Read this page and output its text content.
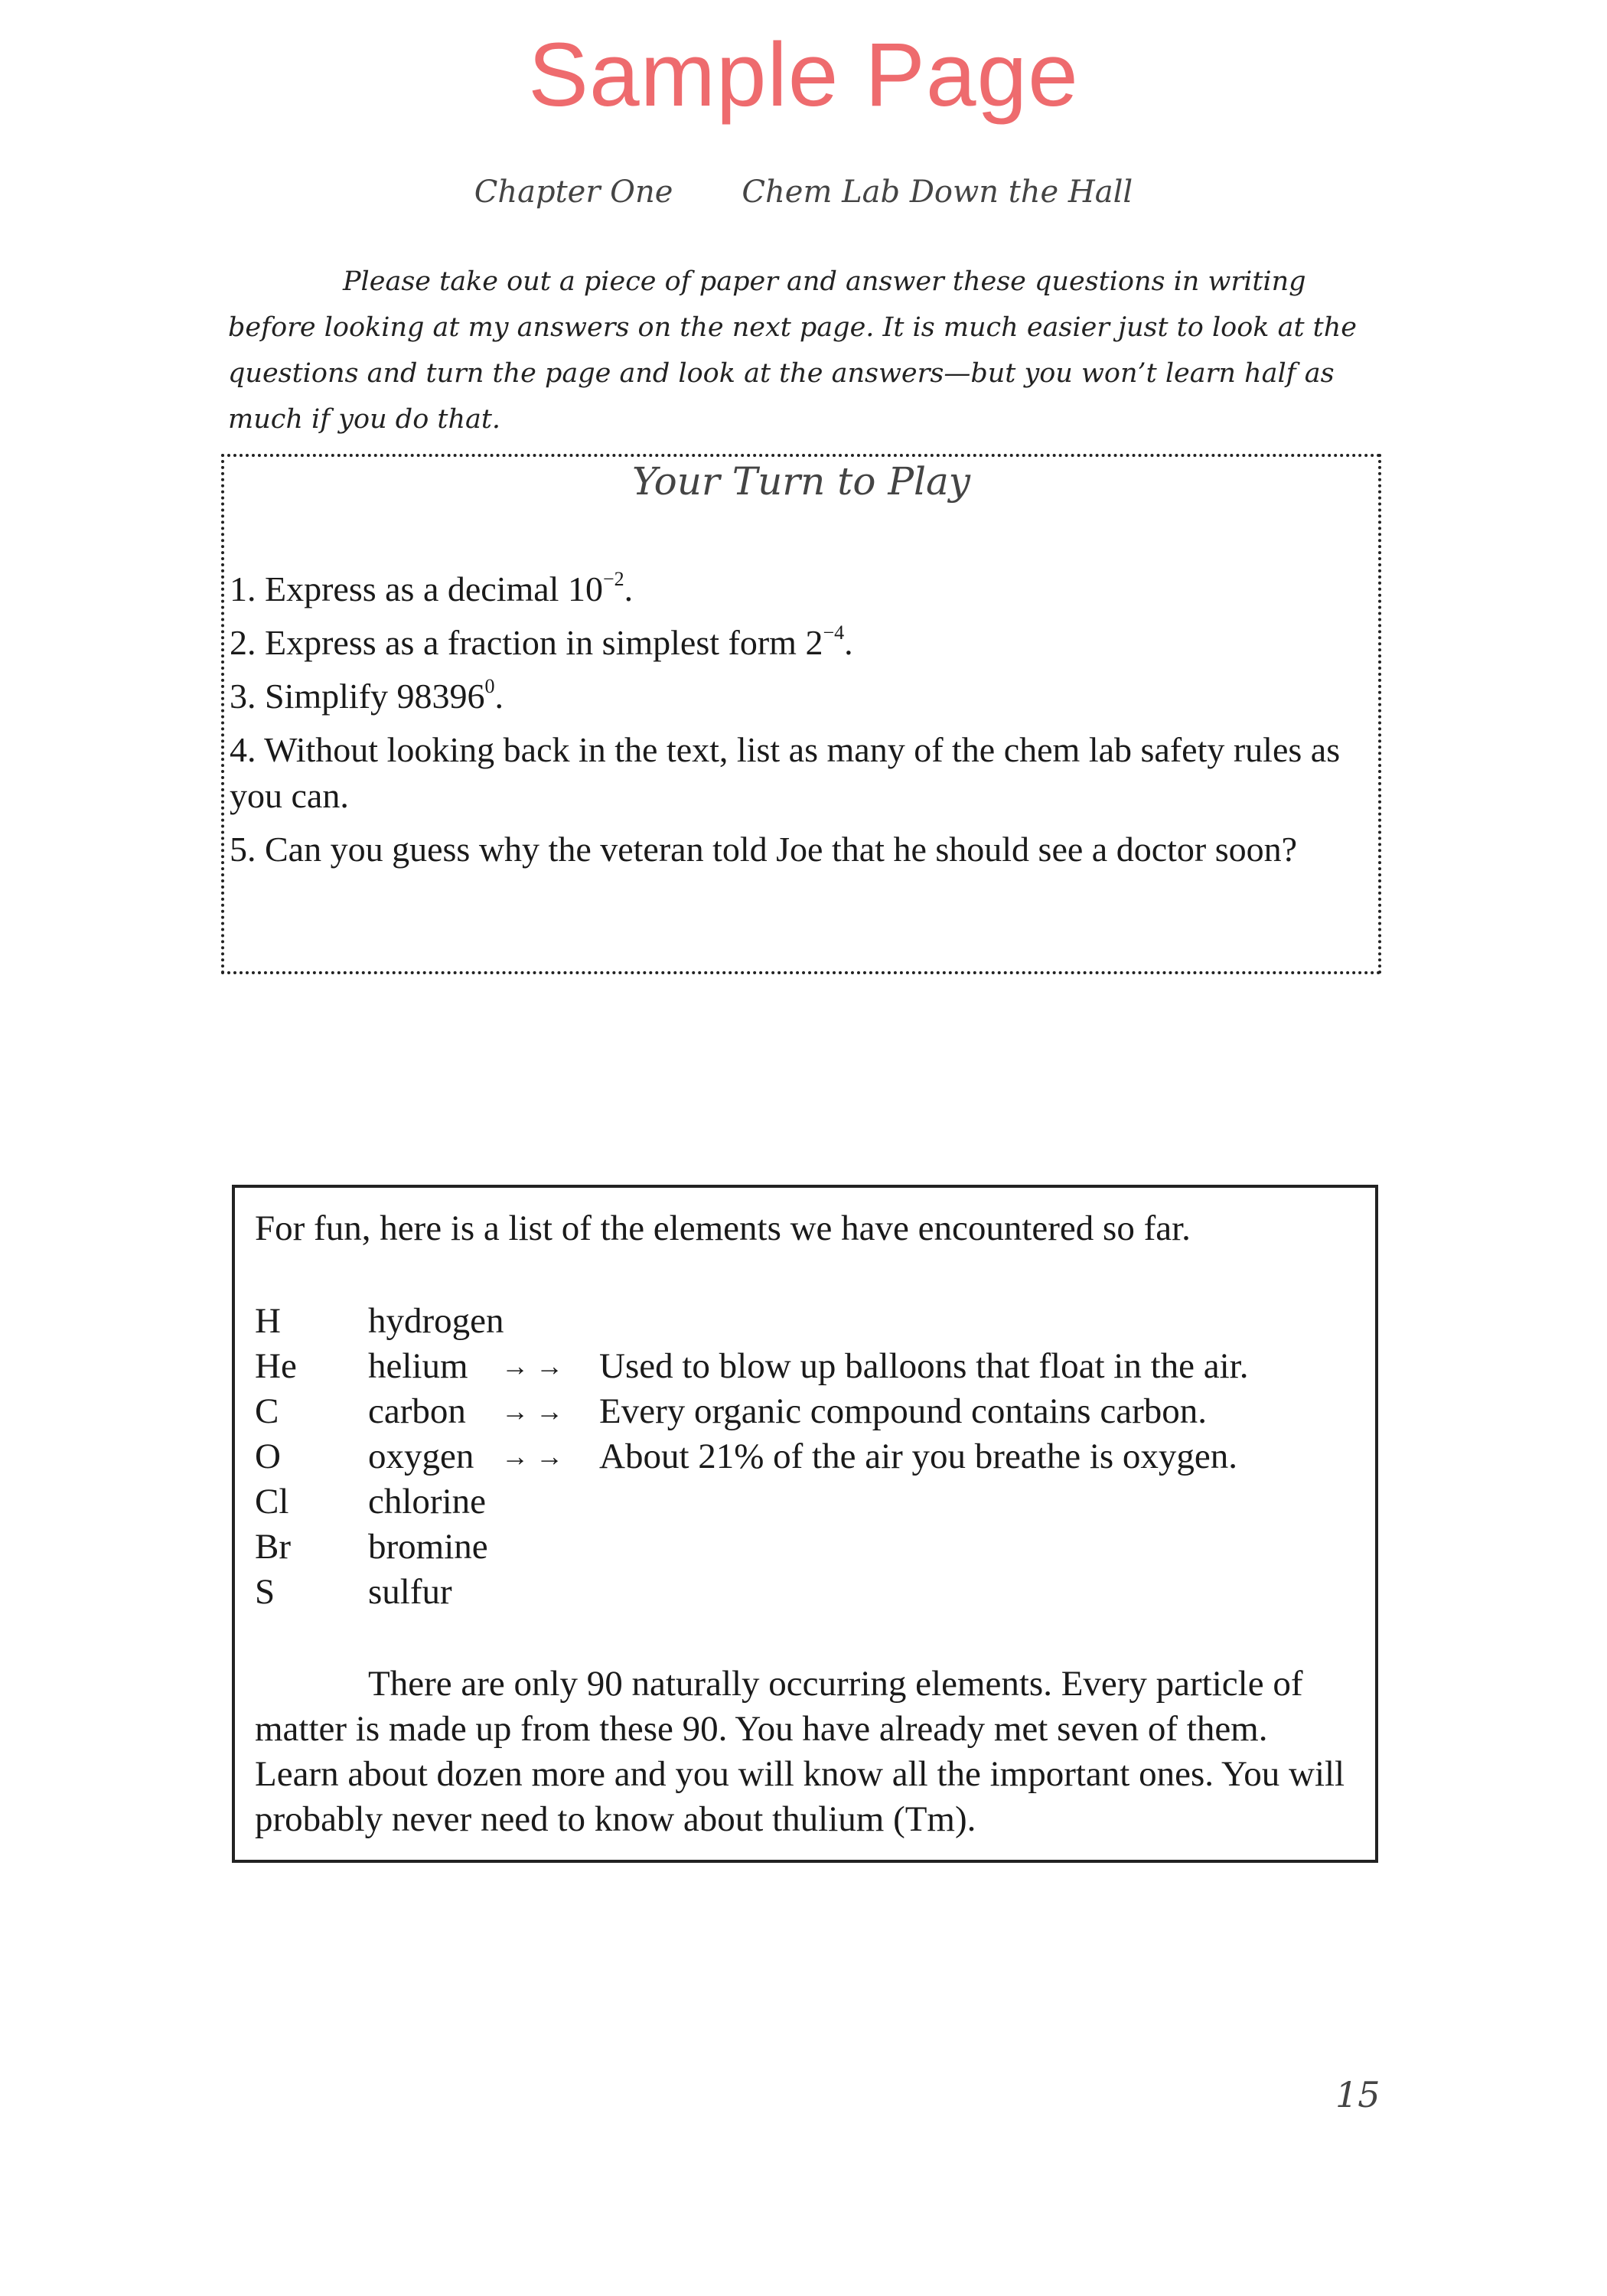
Sample Page
Chapter One Chem Lab Down the Hall

Please take out a piece of paper and answer these questions in writing before looking at my answers on the next page. It is much easier just to look at the questions and turn the page and look at the answers—but you won’t learn half as much if you do that.

Your Turn to Play

1. Express as a decimal $10^{-2}$.

2. Express as a fraction in simplest form $2^{-4}$.

3. Simplify 98396$^0$.

4. Without looking back in the text, list as many of the chem lab safety rules as you can.

5. Can you guess why the veteran told Joe that he should see a doctor soon?

For fun, here is a list of the elements we have encountered so far.
H hydrogen
He helium → → Used to blow up balloons that float in the air.
C carbon → → Every organic compound contains carbon.
O oxygen → → About 21% of the air you breathe is oxygen.
Cl chlorine
Br bromine
S	sulfur

There are only 90 naturally occurring elements. Every particle of matter is made up from these 90. You have already met seven of them. Learn about dozen more and you will know all the important ones. You will probably never need to know about thulium (Tm).

15
